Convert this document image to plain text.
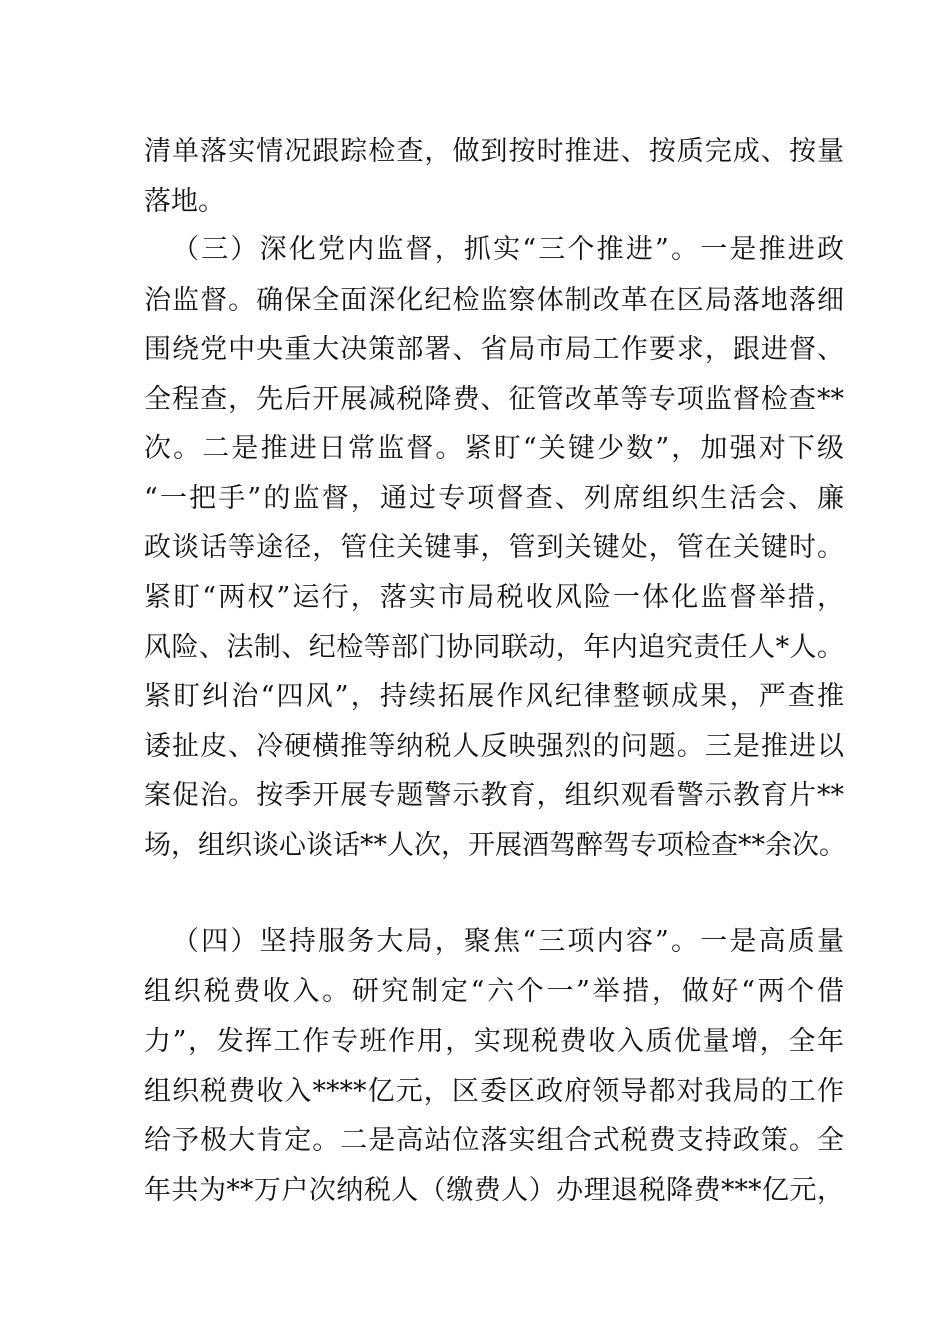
清单落实情况跟踪检查，做到按时推进、按质完成、按量
落地。
（三）深化党内监督，抓实“三个推进”。一是推进政
治监督。确保全面深化纪检监察体制改革在区局落地落细
围绕党中央重大决策部署、省局市局工作要求，跟进督、
全程查，先后开展减税降费、征管改革等专项监督检查**
次。二是推进日常监督。紧盯“关键少数”，加强对下级
“一把手”的监督，通过专项督查、列席组织生活会、廉
政谈话等途径，管住关键事，管到关键处，管在关键时。
紧盯“两权”运行，落实市局税收风险一体化监督举措，
风险、法制、纪检等部门协同联动，年内追究责任人*人。
紧盯纠治“四风”，持续拓展作风纪律整顿成果，严查推
诿扯皮、冷硬横推等纳税人反映强烈的问题。三是推进以
案促治。按季开展专题警示教育，组织观看警示教育片**
场，组织谈心谈话**人次，开展酒驾醉驾专项检查**余次。
（四）坚持服务大局，聚焦“三项内容”。一是高质量
组织税费收入。研究制定“六个一”举措，做好“两个借
力”，发挥工作专班作用，实现税费收入质优量增，全年
组织税费收入****亿元，区委区政府领导都对我局的工作
给予极大肯定。二是高站位落实组合式税费支持政策。全
年共为**万户次纳税人（缴费人）办理退税降费***亿元，
